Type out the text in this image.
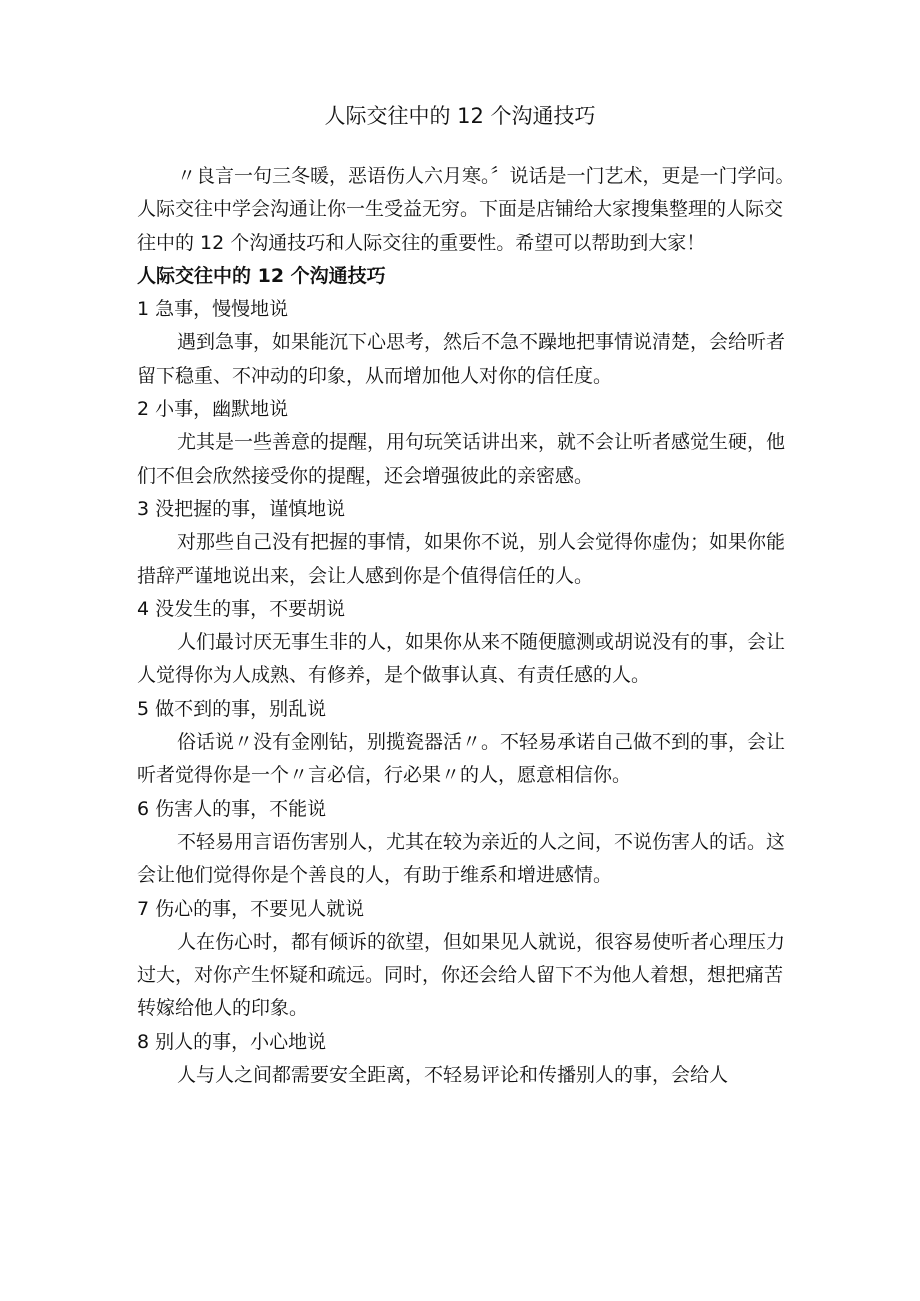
人际交往中的 12 个沟通技巧

〃良言一句三冬暖，恶语伤人六月寒。〞说话是一门艺术，更是一门学问。人际交往中学会沟通让你一生受益无穷。下面是店铺给大家搜集整理的人际交往中的 12 个沟通技巧和人际交往的重要性。希望可以帮助到大家！

人际交往中的 12 个沟通技巧

1 急事，慢慢地说

遇到急事，如果能沉下心思考，然后不急不躁地把事情说清楚，会给听者留下稳重、不冲动的印象，从而增加他人对你的信任度。

2 小事，幽默地说

尤其是一些善意的提醒，用句玩笑话讲出来，就不会让听者感觉生硬，他们不但会欣然接受你的提醒，还会增强彼此的亲密感。

3 没把握的事，谨慎地说

对那些自己没有把握的事情，如果你不说，别人会觉得你虚伪；如果你能措辞严谨地说出来，会让人感到你是个值得信任的人。

4 没发生的事，不要胡说

人们最讨厌无事生非的人，如果你从来不随便臆测或胡说没有的事，会让人觉得你为人成熟、有修养，是个做事认真、有责任感的人。

5 做不到的事，别乱说

俗话说〃没有金刚钻，别揽瓷器活〃。不轻易承诺自己做不到的事，会让听者觉得你是一个〃言必信，行必果〃的人，愿意相信你。

6 伤害人的事，不能说

不轻易用言语伤害别人，尤其在较为亲近的人之间，不说伤害人的话。这会让他们觉得你是个善良的人，有助于维系和增进感情。

7 伤心的事，不要见人就说

人在伤心时，都有倾诉的欲望，但如果见人就说，很容易使听者心理压力过大，对你产生怀疑和疏远。同时，你还会给人留下不为他人着想，想把痛苦转嫁给他人的印象。

8 别人的事，小心地说

人与人之间都需要安全距离，不轻易评论和传播别人的事，会给人
